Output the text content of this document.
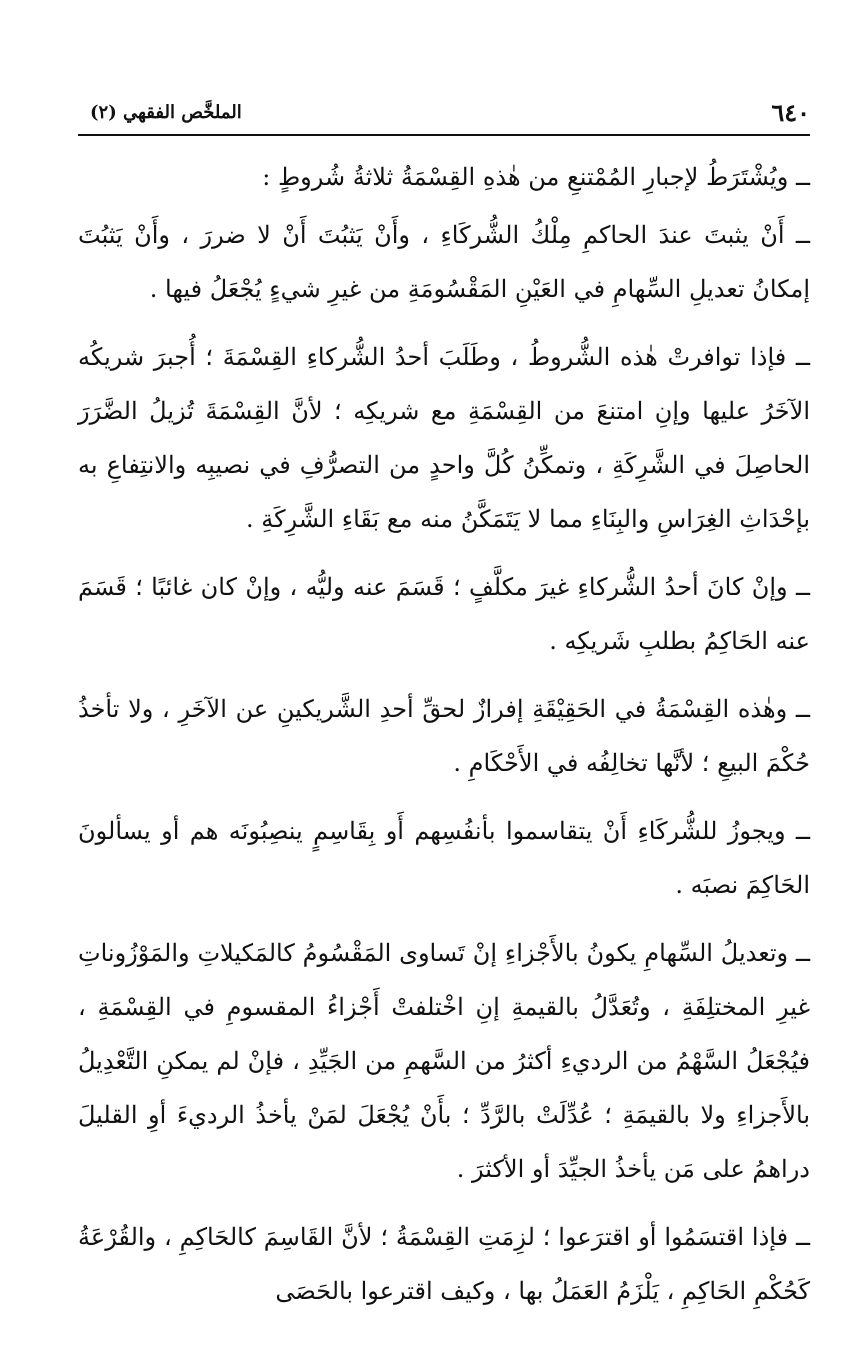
٦٤٠
الملخَّص الفقهي (٢)

ــ ويُشْتَرَطُ لإجبارِ المُمْتنعِ من هٰذهِ القِسْمَةُ ثلاثةُ شُروطٍ :

ــ أَنْ يثبتَ عندَ الحاكمِ مِلْكُ الشُّركَاءِ ، وأَنْ يَثبُتَ أَنْ لا ضررَ ، وأَنْ يَثبُتَ إمكانُ تعديلِ السِّهامِ في العَيْنِ المَقْسُومَةِ من غيرِ شيءٍ يُجْعَلُ فيها .

ــ فإذا توافرتْ هٰذه الشُّروطُ ، وطَلَبَ أحدُ الشُّركاءِ القِسْمَةَ ؛ أُجبرَ شريكُه الآخَرُ عليها وإنِ امتنعَ من القِسْمَةِ مع شريكِه ؛ لأنَّ القِسْمَةَ تُزيلُ الضَّرَرَ الحاصِلَ في الشَّرِكَةِ ، وتمكِّنُ كُلَّ واحدٍ من التصرُّفِ في نصيبِه والانتِفاعِ به بإحْدَاثِ الغِرَاسِ والبِنَاءِ مما لا يَتَمَكَّنُ منه مع بَقَاءِ الشَّرِكَةِ .

ــ وإنْ كانَ أحدُ الشُّركاءِ غيرَ مكلَّفٍ ؛ قَسَمَ عنه وليُّه ، وإنْ كان غائبًا ؛ قَسَمَ عنه الحَاكِمُ بطلبِ شَريكِه .

ــ وهٰذه القِسْمَةُ في الحَقِيْقَةِ إفرازٌ لحقِّ أحدِ الشَّريكينِ عن الآخَرِ ، ولا تأخذُ حُكْمَ البيعِ ؛ لأنَّها تخالِفُه في الأَحْكَامِ .

ــ ويجوزُ للشُّركَاءِ أَنْ يتقاسموا بأنفُسِهم أَو بِقَاسِمٍ ينصِبُونَه هم أو يسألونَ الحَاكِمَ نصبَه .

ــ وتعديلُ السِّهامِ يكونُ بالأَجْزاءِ إنْ تَساوى المَقْسُومُ كالمَكيلاتِ والمَوْزُوناتِ غيرِ المختلِفَةِ ، وتُعَدَّلُ بالقيمةِ إنِ اخْتلفتْ أَجْزاءُ المقسومِ في القِسْمَةِ ، فيُجْعَلُ السَّهْمُ من الرديءِ أكثرُ من السَّهمِ من الجَيِّدِ ، فإنْ لم يمكنِ التَّعْدِيلُ بالأَجزاءِ ولا بالقيمَةِ ؛ عُدِّلَتْ بالرَّدِّ ؛ بأَنْ يُجْعَلَ لمَنْ يأخذُ الرديءَ أوِ القليلَ دراهمُ على مَن يأخذُ الجيِّدَ أو الأكثرَ .

ــ فإذا اقتسَمُوا أو اقترَعوا ؛ لزِمَتِ القِسْمَةُ ؛ لأنَّ القَاسِمَ كالحَاكِمِ ، والقُرْعَةُ كَحُكْمِ الحَاكِمِ ، يَلْزَمُ العَمَلُ بها ، وكيف اقترعوا بالحَصَى
